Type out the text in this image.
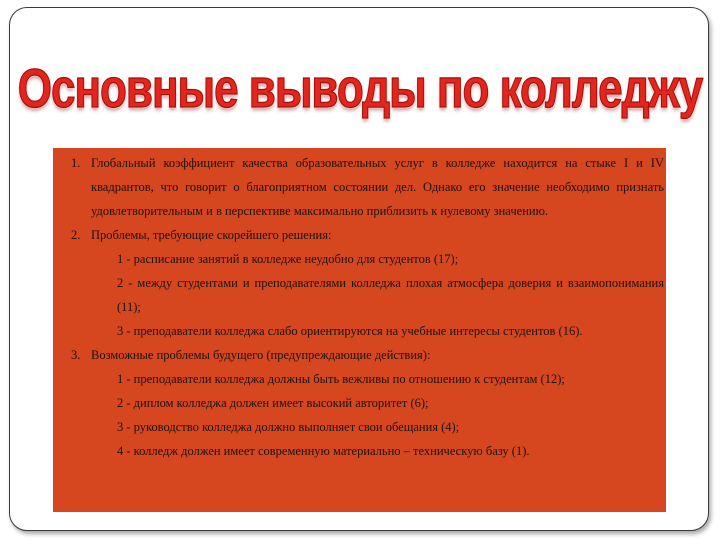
Основные выводы по колледжу
1. Глобальный коэффициент качества образовательных услуг в колледже находится на стыке I и IV квадрантов, что говорит о благоприятном состоянии дел. Однако его значение необходимо признать удовлетворительным и в перспективе максимально приблизить к нулевому значению.
2. Проблемы, требующие скорейшего решения:
1 - расписание занятий в колледже неудобно для студентов (17);
2 - между студентами и преподавателями колледжа плохая атмосфера доверия и взаимопонимания (11);
3 - преподаватели колледжа слабо ориентируются на учебные интересы студентов (16).
3. Возможные проблемы будущего (предупреждающие действия):
1 - преподаватели колледжа должны быть вежливы по отношению к студентам (12);
2 - диплом колледжа должен имеет высокий авторитет (6);
3 - руководство колледжа должно выполняет свои обещания (4);
4 - колледж должен имеет современную материально – техническую базу (1).
